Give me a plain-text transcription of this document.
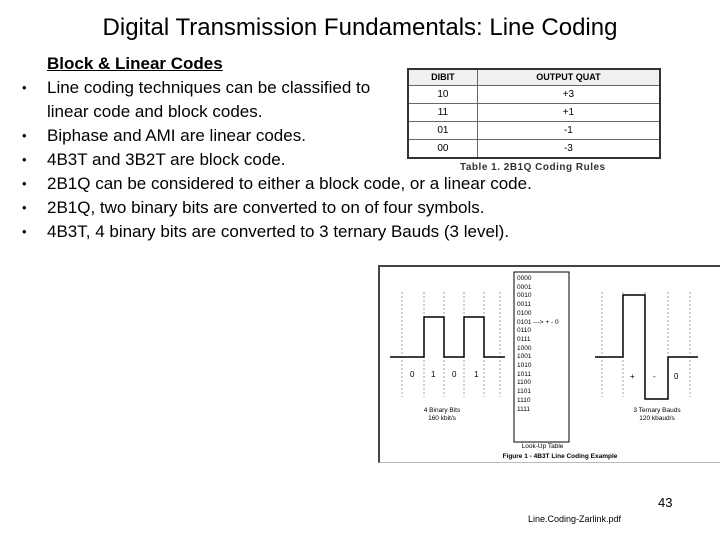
Digital Transmission Fundamentals: Line Coding
Block & Linear Codes
• Line coding techniques can be classified to
linear code and block codes.
• Biphase and AMI are linear codes.
• 4B3T and 3B2T are block code.
• 2B1Q can be considered to either a block code, or a linear code.
• 2B1Q, two binary bits are converted to on of four symbols.
• 4B3T, 4 binary bits are converted to 3 ternary Bauds (3 level).
DIBIT	OUTPUT QUAT
10	+3
11	+1
01	-1
00	-3
Table 1. 2B1Q Coding Rules
0000
0001
0010
0011
0100
0101 ---> + - 0
0110
0111
1000
1001
1010
1011
1100
1101
1110
1111
Look-Up Table
0 1 0 1	+ - 0
4 Binary Bits
160 kbit/s
3 Ternary Bauds
120 kbaud/s
Figure 1 - 4B3T Line Coding Example
43
Line.Coding-Zarlink.pdf
